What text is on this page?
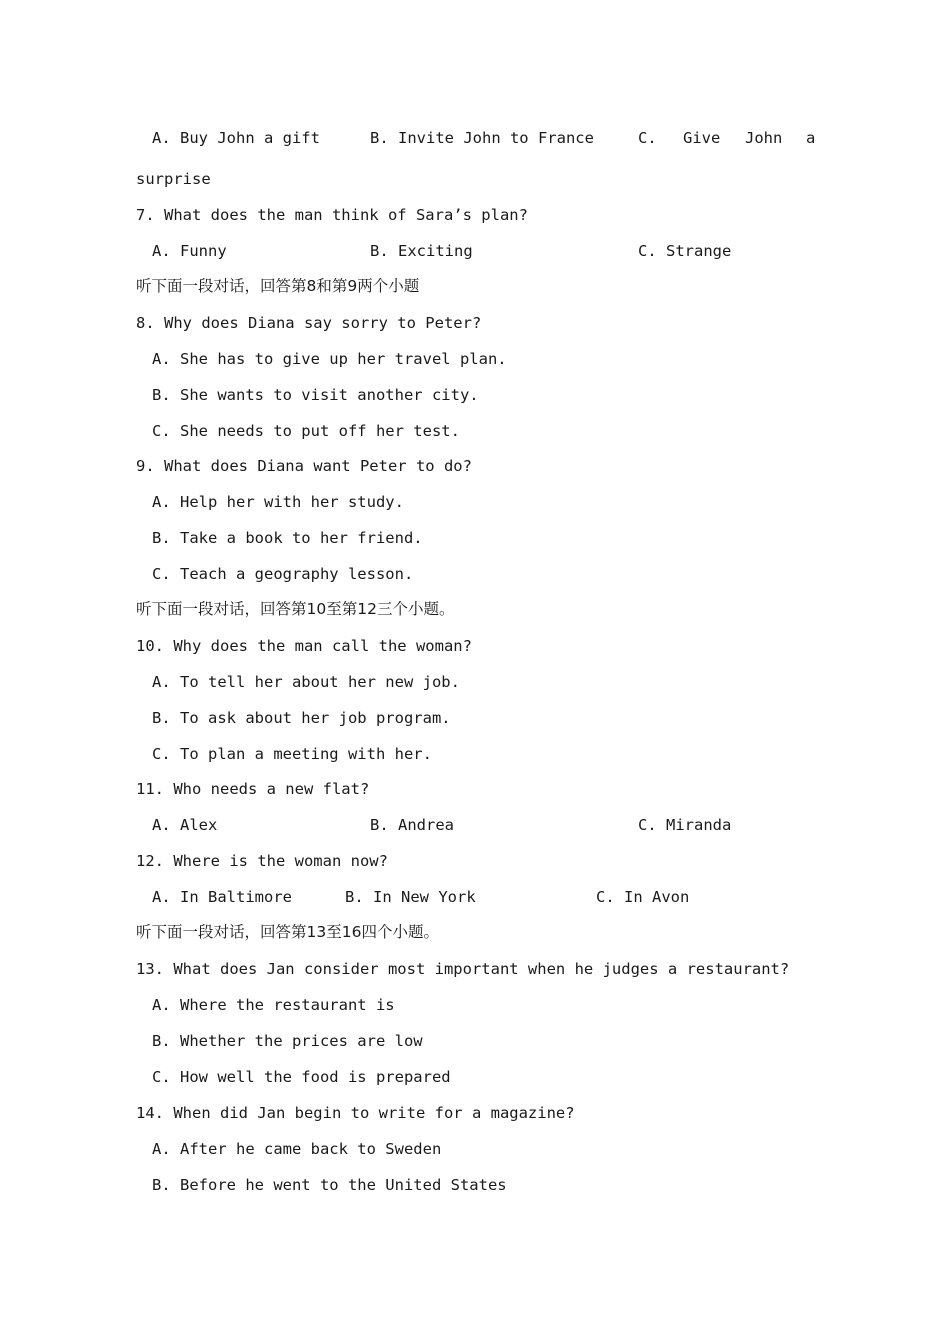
A. Buy John a gift	B. Invite John to France	C. Give John a
surprise
7. What does the man think of Sara’s plan?
A. Funny	B. Exciting	C. Strange
听下面一段对话，回答第8和第9两个小题
8. Why does Diana say sorry to Peter?
A. She has to give up her travel plan.
B. She wants to visit another city.
C. She needs to put off her test.
9. What does Diana want Peter to do?
A. Help her with her study.
B. Take a book to her friend.
C. Teach a geography lesson.
听下面一段对话，回答第10至第12三个小题。
10. Why does the man call the woman?
A. To tell her about her new job.
B. To ask about her job program.
C. To plan a meeting with her.
11. Who needs a new flat?
A. Alex	B. Andrea	C. Miranda
12. Where is the woman now?
A. In Baltimore	B. In New York	C. In Avon
听下面一段对话，回答第13至16四个小题。
13. What does Jan consider most important when he judges a restaurant?
A. Where the restaurant is
B. Whether the prices are low
C. How well the food is prepared
14. When did Jan begin to write for a magazine?
A. After he came back to Sweden
B. Before he went to the United States
